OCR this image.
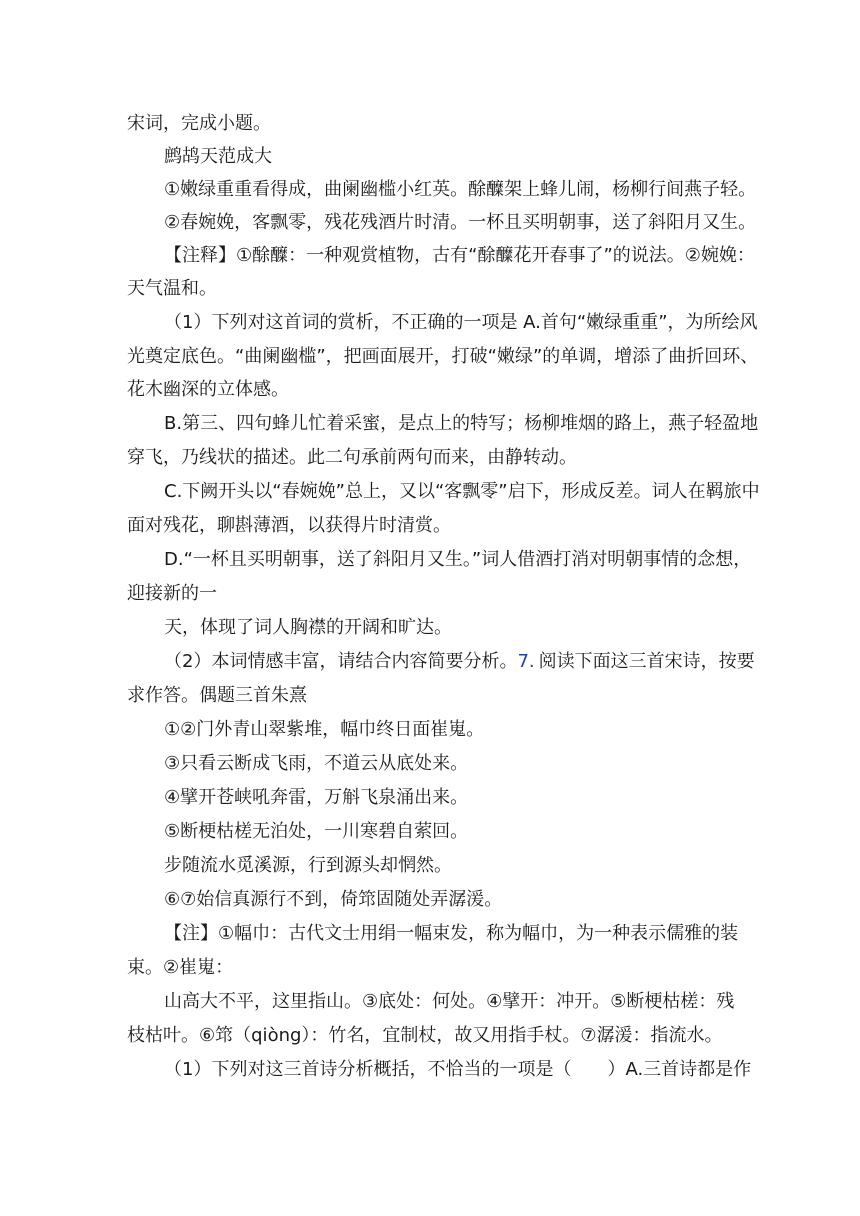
宋词，完成小题。
鹧鸪天范成大
①嫩绿重重看得成，曲阑幽槛小红英。酴醾架上蜂儿闹，杨柳行间燕子轻。
②春婉娩，客飘零，残花残酒片时清。一杯且买明朝事，送了斜阳月又生。
【注释】①酴醾：一种观赏植物，古有“酴醾花开春事了”的说法。②婉娩：
天气温和。
（1）下列对这首词的赏析，不正确的一项是 A.首句“嫩绿重重”，为所绘风
光奠定底色。“曲阑幽槛”，把画面展开，打破“嫩绿”的单调，增添了曲折回环、
花木幽深的立体感。
B.第三、四句蜂儿忙着采蜜，是点上的特写；杨柳堆烟的路上，燕子轻盈地
穿飞，乃线状的描述。此二句承前两句而来，由静转动。
C.下阙开头以“春婉娩”总上，又以“客飘零”启下，形成反差。词人在羁旅中
面对残花，聊斟薄酒，以获得片时清赏。
D.“一杯且买明朝事，送了斜阳月又生。”词人借酒打消对明朝事情的念想，
迎接新的一
天，体现了词人胸襟的开阔和旷达。
（2）本词情感丰富，请结合内容简要分析。7. 阅读下面这三首宋诗，按要
求作答。偶题三首朱熹
①②门外青山翠紫堆，幅巾终日面崔嵬。
③只看云断成飞雨，不道云从底处来。
④擘开苍峡吼奔雷，万斛飞泉涌出来。
⑤断梗枯槎无泊处，一川寒碧自萦回。
步随流水觅溪源，行到源头却惘然。
⑥⑦始信真源行不到，倚筇固随处弄潺湲。
【注】①幅巾：古代文士用绢一幅束发，称为幅巾，为一种表示儒雅的装
束。②崔嵬：
山高大不平，这里指山。③底处：何处。④擘开：冲开。⑤断梗枯槎：残
枝枯叶。⑥筇（qiòng）：竹名，宜制杖，故又用指手杖。⑦潺湲：指流水。
（1）下列对这三首诗分析概括，不恰当的一项是（　　）A.三首诗都是作
